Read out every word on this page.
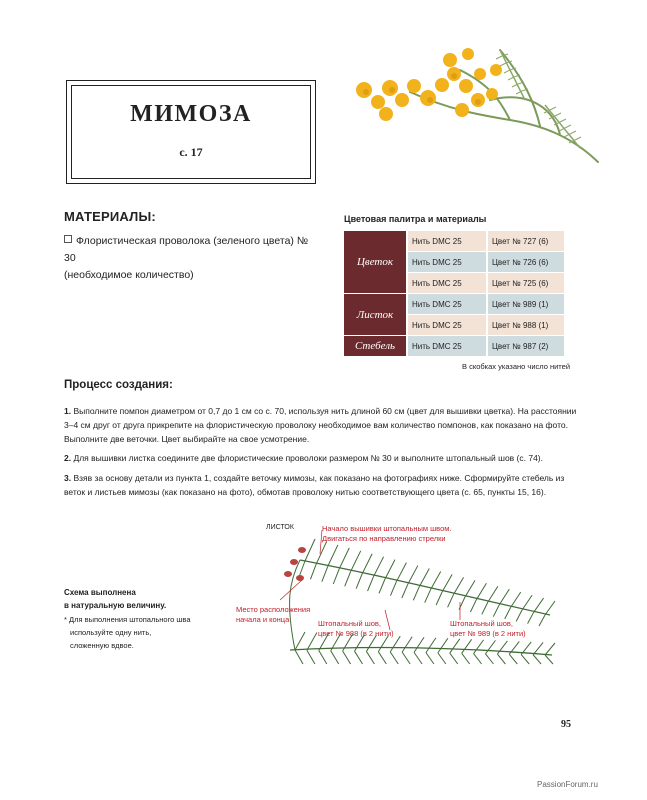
МИМОЗА
с. 17
МАТЕРИАЛЫ:
Флористическая проволока (зеленого цвета) № 30
(необходимое количество)
Цветовая палитра и материалы
Цветок	Нить DMC 25	Цвет № 727 (6)
	Нить DMC 25	Цвет № 726 (6)
	Нить DMC 25	Цвет № 725 (6)
Листок	Нить DMC 25	Цвет № 989 (1)
	Нить DMC 25	Цвет № 988 (1)
Стебель	Нить DMC 25	Цвет № 987 (2)
В скобках указано число нитей
Процесс создания:
1. Выполните помпон диаметром от 0,7 до 1 см со с. 70, используя нить длиной 60 см (цвет для вышивки цветка). На расстоянии 3–4 см друг от друга прикрепите на флористическую проволоку необходимое вам количество помпонов, как показано на фото. Выполните две веточки. Цвет выбирайте на свое усмотрение.
2. Для вышивки листка соедините две флористические проволоки размером № 30 и выполните штопальный шов (с. 74).
3. Взяв за основу детали из пункта 1, создайте веточку мимозы, как показано на фотографиях ниже. Сформируйте стебель из веток и листьев мимозы (как показано на фото), обмотав проволоку нитью соответствующего цвета (с. 65, пункты 15, 16).
ЛИСТОК	Начало вышивки штопальным швом.
Двигаться по направлению стрелки
Место расположения
начала и конца	Штопальный шов,
цвет № 988 (в 2 нити)
Штопальный шов,
цвет № 989 (в 2 нити)
Схема выполнена
в натуральную величину.
* Для выполнения штопального шва
используйте одну нить,
сложенную вдвое.
95
PassionForum.ru
